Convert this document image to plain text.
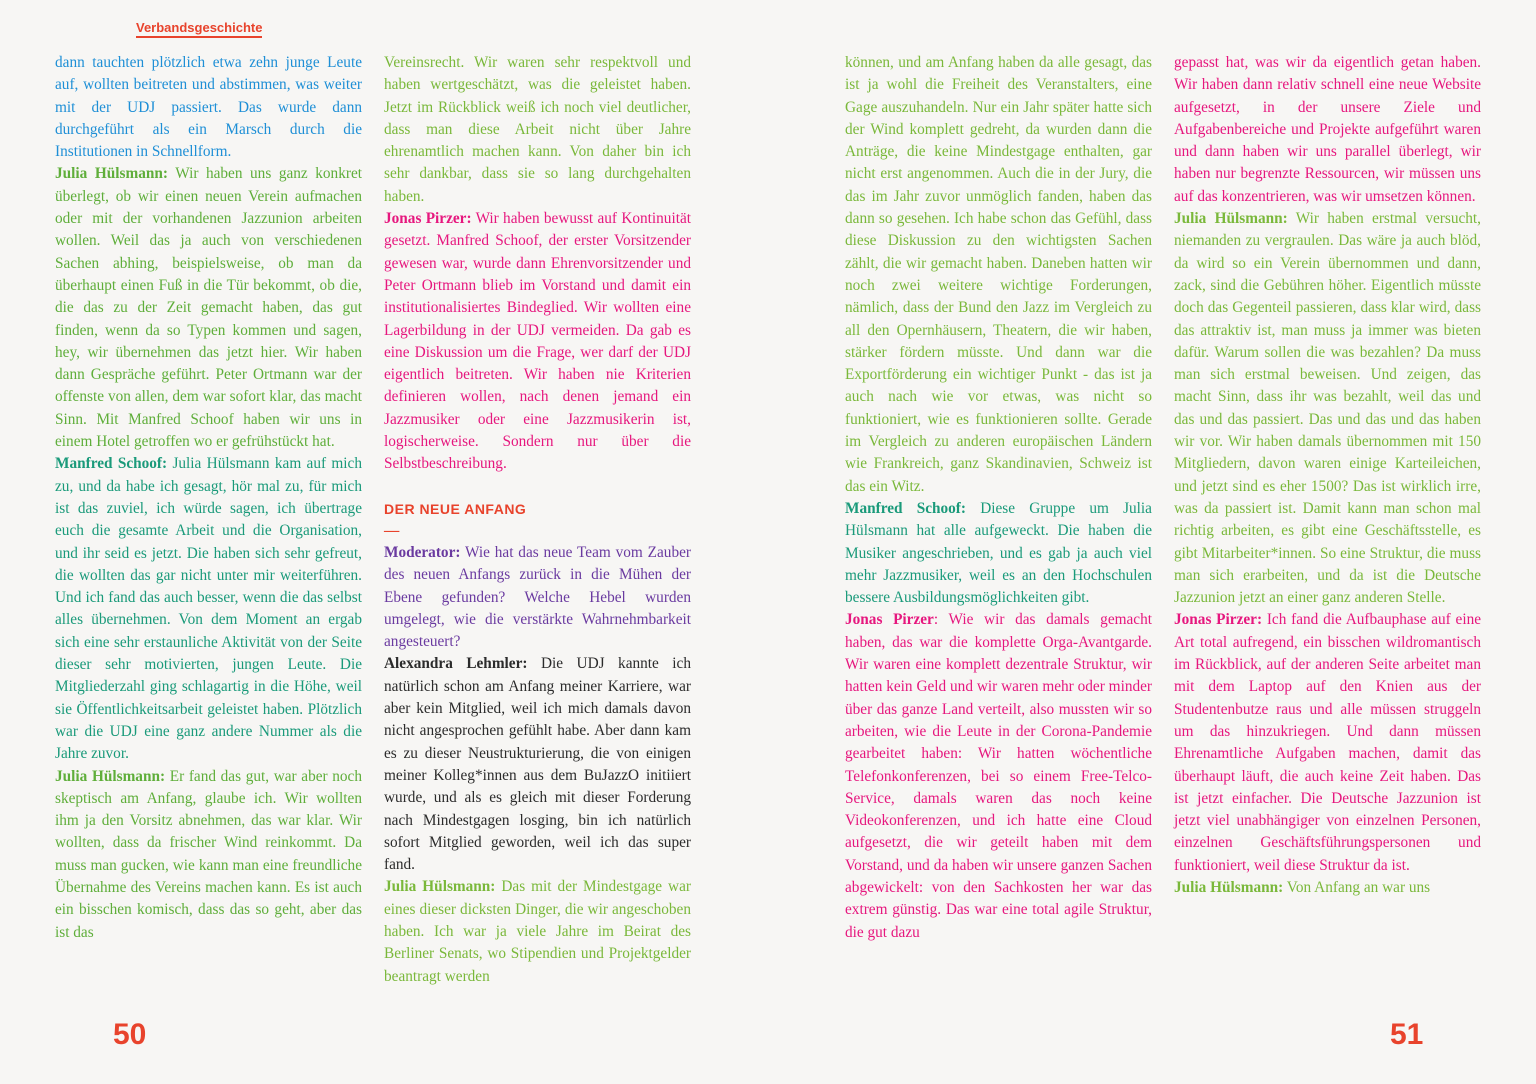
Verbandsgeschichte

dann tauchten plötzlich etwa zehn junge Leute auf, wollten beitreten und abstimmen, was weiter mit der UDJ passiert. Das wurde dann durchgeführt als ein Marsch durch die Institutionen in Schnellform.

Julia Hülsmann: Wir haben uns ganz konkret überlegt, ob wir einen neuen Verein aufmachen oder mit der vorhandenen Jazzunion arbeiten wollen. Weil das ja auch von verschiedenen Sachen abhing, beispielsweise, ob man da überhaupt einen Fuß in die Tür bekommt, ob die, die das zu der Zeit gemacht haben, das gut finden, wenn da so Typen kommen und sagen, hey, wir übernehmen das jetzt hier. Wir haben dann Gespräche geführt. Peter Ortmann war der offenste von allen, dem war sofort klar, das macht Sinn. Mit Manfred Schoof haben wir uns in einem Hotel getroffen wo er gefrühstückt hat.

Manfred Schoof: Julia Hülsmann kam auf mich zu, und da habe ich gesagt, hör mal zu, für mich ist das zuviel, ich würde sagen, ich übertrage euch die gesamte Arbeit und die Organisation, und ihr seid es jetzt. Die haben sich sehr gefreut, die wollten das gar nicht unter mir weiterführen. Und ich fand das auch besser, wenn die das selbst alles übernehmen. Von dem Moment an ergab sich eine sehr erstaunliche Aktivität von der Seite dieser sehr motivierten, jungen Leute. Die Mitgliederzahl ging schlagartig in die Höhe, weil sie Öffentlichkeitsarbeit geleistet haben. Plötzlich war die UDJ eine ganz andere Nummer als die Jahre zuvor.

Julia Hülsmann: Er fand das gut, war aber noch skeptisch am Anfang, glaube ich. Wir wollten ihm ja den Vorsitz abnehmen, das war klar. Wir wollten, dass da frischer Wind reinkommt. Da muss man gucken, wie kann man eine freundliche Übernahme des Vereins machen kann. Es ist auch ein bisschen komisch, dass das so geht, aber das ist das

Vereinsrecht. Wir waren sehr respektvoll und haben wertgeschätzt, was die geleistet haben. Jetzt im Rückblick weiß ich noch viel deutlicher, dass man diese Arbeit nicht über Jahre ehrenamtlich machen kann. Von daher bin ich sehr dankbar, dass sie so lang durchgehalten haben.

Jonas Pirzer: Wir haben bewusst auf Kontinuität gesetzt. Manfred Schoof, der erster Vorsitzender gewesen war, wurde dann Ehrenvorsitzender und Peter Ortmann blieb im Vorstand und damit ein institutionalisiertes Bindeglied. Wir wollten eine Lagerbildung in der UDJ vermeiden. Da gab es eine Diskussion um die Frage, wer darf der UDJ eigentlich beitreten. Wir haben nie Kriterien definieren wollen, nach denen jemand ein Jazzmusiker oder eine Jazzmusikerin ist, logischerweise. Sondern nur über die Selbstbeschreibung.

DER NEUE ANFANG

—

Moderator: Wie hat das neue Team vom Zauber des neuen Anfangs zurück in die Mühen der Ebene gefunden? Welche Hebel wurden umgelegt, wie die verstärkte Wahrnehmbarkeit angesteuert?

Alexandra Lehmler: Die UDJ kannte ich natürlich schon am Anfang meiner Karriere, war aber kein Mitglied, weil ich mich damals davon nicht angesprochen gefühlt habe. Aber dann kam es zu dieser Neustrukturierung, die von einigen meiner Kolleg*innen aus dem BuJazzO initiiert wurde, und als es gleich mit dieser Forderung nach Mindestgagen losging, bin ich natürlich sofort Mitglied geworden, weil ich das super fand.

Julia Hülsmann: Das mit der Mindestgage war eines dieser dicksten Dinger, die wir angeschoben haben. Ich war ja viele Jahre im Beirat des Berliner Senats, wo Stipendien und Projektgelder beantragt werden

50

können, und am Anfang haben da alle gesagt, das ist ja wohl die Freiheit des Veranstalters, eine Gage auszuhandeln. Nur ein Jahr später hatte sich der Wind komplett gedreht, da wurden dann die Anträge, die keine Mindestgage enthalten, gar nicht erst angenommen. Auch die in der Jury, die das im Jahr zuvor unmöglich fanden, haben das dann so gesehen. Ich habe schon das Gefühl, dass diese Diskussion zu den wichtigsten Sachen zählt, die wir gemacht haben. Daneben hatten wir noch zwei weitere wichtige Forderungen, nämlich, dass der Bund den Jazz im Vergleich zu all den Opernhäusern, Theatern, die wir haben, stärker fördern müsste. Und dann war die Exportförderung ein wichtiger Punkt - das ist ja auch nach wie vor etwas, was nicht so funktioniert, wie es funktionieren sollte. Gerade im Vergleich zu anderen europäischen Ländern wie Frankreich, ganz Skandinavien, Schweiz ist das ein Witz.

Manfred Schoof: Diese Gruppe um Julia Hülsmann hat alle aufgeweckt. Die haben die Musiker angeschrieben, und es gab ja auch viel mehr Jazzmusiker, weil es an den Hochschulen bessere Ausbildungsmöglichkeiten gibt.

Jonas Pirzer: Wie wir das damals gemacht haben, das war die komplette Orga-Avantgarde. Wir waren eine komplett dezentrale Struktur, wir hatten kein Geld und wir waren mehr oder minder über das ganze Land verteilt, also mussten wir so arbeiten, wie die Leute in der Corona-Pandemie gearbeitet haben: Wir hatten wöchentliche Telefonkonferenzen, bei so einem Free-Telco-Service, damals waren das noch keine Videokonferenzen, und ich hatte eine Cloud aufgesetzt, die wir geteilt haben mit dem Vorstand, und da haben wir unsere ganzen Sachen abgewickelt: von den Sachkosten her war das extrem günstig. Das war eine total agile Struktur, die gut dazu

gepasst hat, was wir da eigentlich getan haben. Wir haben dann relativ schnell eine neue Website aufgesetzt, in der unsere Ziele und Aufgabenbereiche und Projekte aufgeführt waren und dann haben wir uns parallel überlegt, wir haben nur begrenzte Ressourcen, wir müssen uns auf das konzentrieren, was wir umsetzen können.

Julia Hülsmann: Wir haben erstmal versucht, niemanden zu vergraulen. Das wäre ja auch blöd, da wird so ein Verein übernommen und dann, zack, sind die Gebühren höher. Eigentlich müsste doch das Gegenteil passieren, dass klar wird, dass das attraktiv ist, man muss ja immer was bieten dafür. Warum sollen die was bezahlen? Da muss man sich erstmal beweisen. Und zeigen, das macht Sinn, dass ihr was bezahlt, weil das und das und das passiert. Das und das und das haben wir vor. Wir haben damals übernommen mit 150 Mitgliedern, davon waren einige Karteileichen, und jetzt sind es eher 1500? Das ist wirklich irre, was da passiert ist. Damit kann man schon mal richtig arbeiten, es gibt eine Geschäftsstelle, es gibt Mitarbeiter*innen. So eine Struktur, die muss man sich erarbeiten, und da ist die Deutsche Jazzunion jetzt an einer ganz anderen Stelle.

Jonas Pirzer: Ich fand die Aufbauphase auf eine Art total aufregend, ein bisschen wildromantisch im Rückblick, auf der anderen Seite arbeitet man mit dem Laptop auf den Knien aus der Studentenbutze raus und alle müssen struggeln um das hinzukriegen. Und dann müssen Ehrenamtliche Aufgaben machen, damit das überhaupt läuft, die auch keine Zeit haben. Das ist jetzt einfacher. Die Deutsche Jazzunion ist jetzt viel unabhängiger von einzelnen Personen, einzelnen Geschäftsführungspersonen und funktioniert, weil diese Struktur da ist.

Julia Hülsmann: Von Anfang an war uns

51
